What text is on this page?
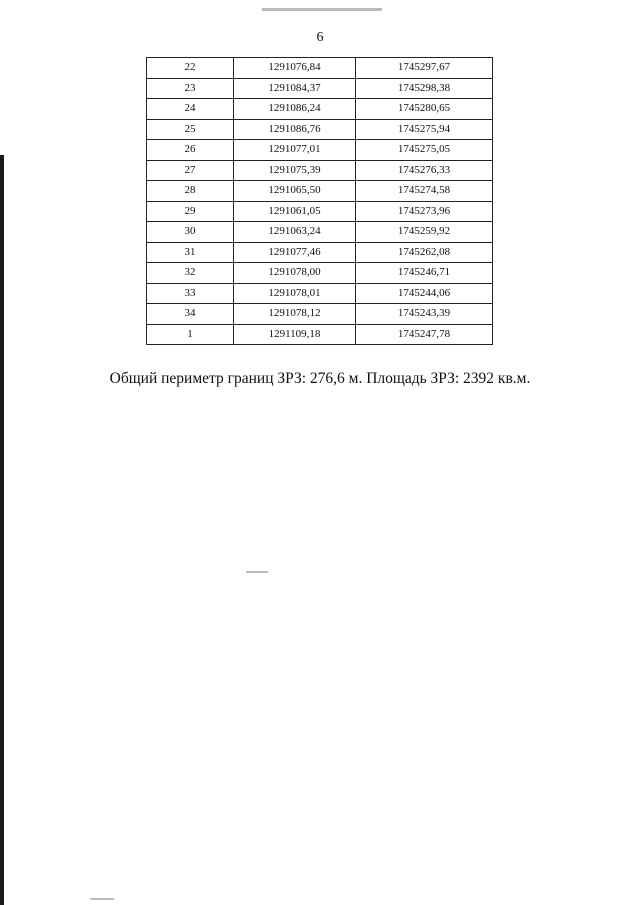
6
22	1291076,84	1745297,67
23	1291084,37	1745298,38
24	1291086,24	1745280,65
25	1291086,76	1745275,94
26	1291077,01	1745275,05
27	1291075,39	1745276,33
28	1291065,50	1745274,58
29	1291061,05	1745273,96
30	1291063,24	1745259,92
31	1291077,46	1745262,08
32	1291078,00	1745246,71
33	1291078,01	1745244,06
34	1291078,12	1745243,39
1	1291109,18	1745247,78
Общий периметр границ ЗРЗ: 276,6 м. Площадь ЗРЗ: 2392 кв.м.
